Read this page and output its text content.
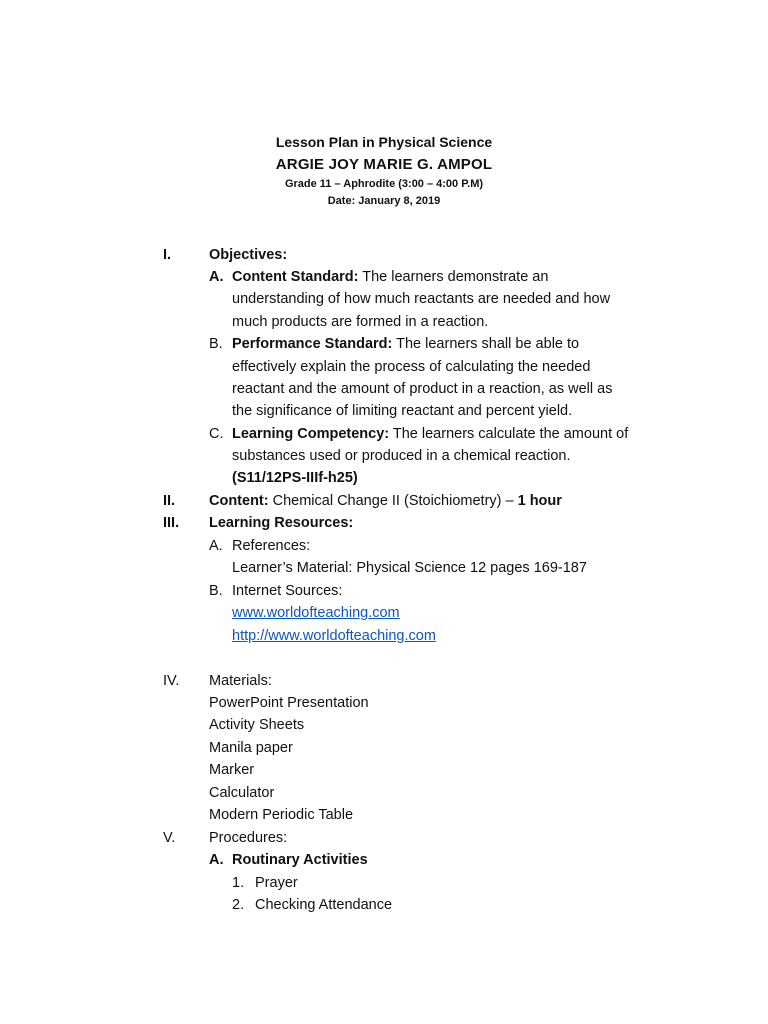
Lesson Plan in Physical Science
ARGIE JOY MARIE G. AMPOL
Grade 11 – Aphrodite (3:00 – 4:00 P.M)
Date: January 8, 2019
I.	Objectives:
A. Content Standard: The learners demonstrate an
understanding of how much reactants are needed and how
much products are formed in a reaction.
B. Performance Standard: The learners shall be able to
effectively explain the process of calculating the needed
reactant and the amount of product in a reaction, as well as
the significance of limiting reactant and percent yield.
C. Learning Competency: The learners calculate the amount of
substances used or produced in a chemical reaction.
(S11/12PS-IIIf-h25)
II. Content: Chemical Change II (Stoichiometry) – 1 hour
III. Learning Resources:
A. References:
Learner’s Material: Physical Science 12 pages 169-187
B. Internet Sources:
www.worldofteaching.com
http://www.worldofteaching.com
IV. Materials:
PowerPoint Presentation
Activity Sheets
Manila paper
Marker
Calculator
Modern Periodic Table
V. Procedures:
A. Routinary Activities
1. Prayer
2. Checking Attendance
